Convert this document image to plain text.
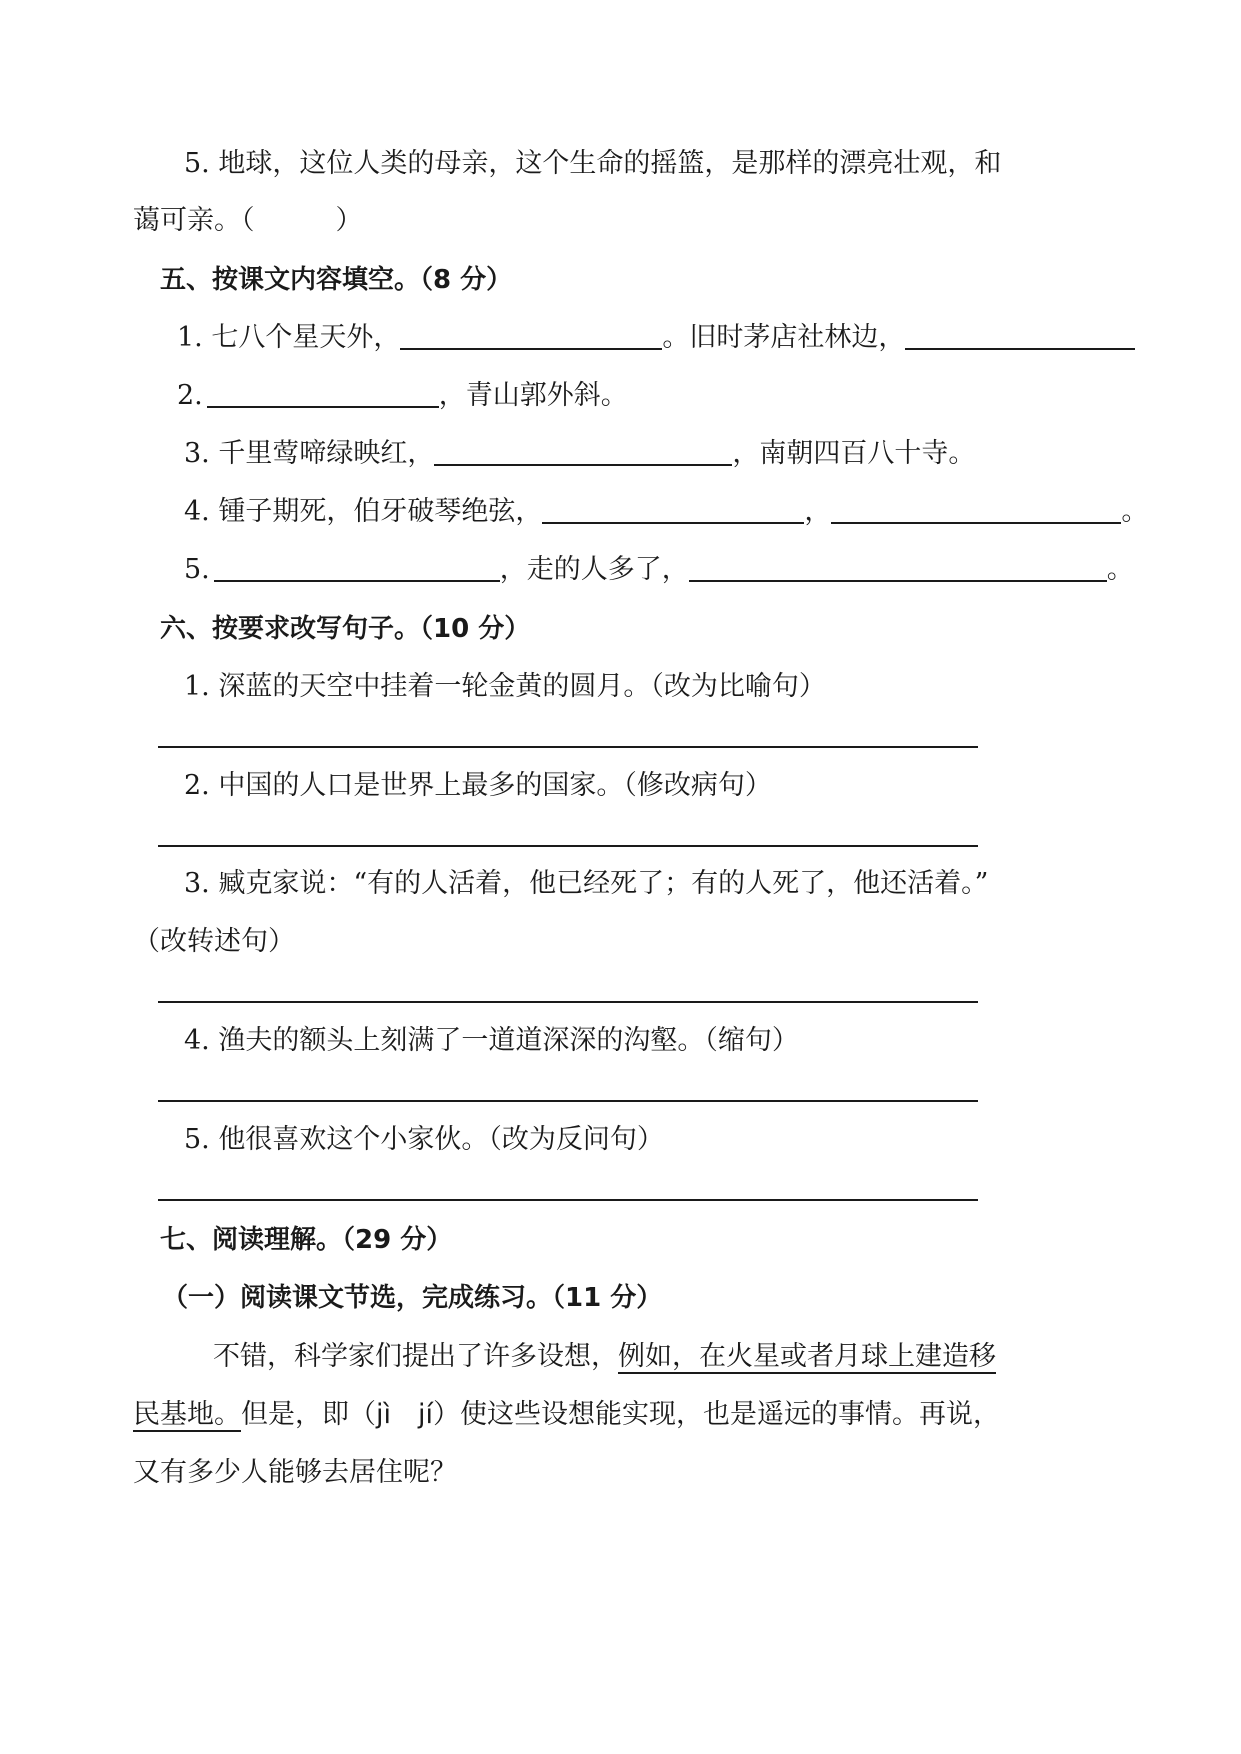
5. 地球，这位人类的母亲，这个生命的摇篮，是那样的漂亮壮观，和
蔼可亲。（　　　）
五、按课文内容填空。（8 分）
1. 七八个星天外，	。旧时茅店社林边，
2.	，青山郭外斜。
3. 千里莺啼绿映红，	，南朝四百八十寺。
4. 锺子期死，伯牙破琴绝弦，	，	。
5.	，走的人多了，	。
六、按要求改写句子。（10 分）
1. 深蓝的天空中挂着一轮金黄的圆月。（改为比喻句）
2. 中国的人口是世界上最多的国家。（修改病句）
3. 臧克家说：“有的人活着，他已经死了；有的人死了，他还活着。”
（改转述句）
4. 渔夫的额头上刻满了一道道深深的沟壑。（缩句）
5. 他很喜欢这个小家伙。（改为反问句）
七、阅读理解。（29 分）
（一）阅读课文节选，完成练习。（11 分）
不错，科学家们提出了许多设想，例如，在火星或者月球上建造移
民基地。但是，即（jì　jí）使这些设想能实现，也是遥远的事情。再说，
又有多少人能够去居住呢？
